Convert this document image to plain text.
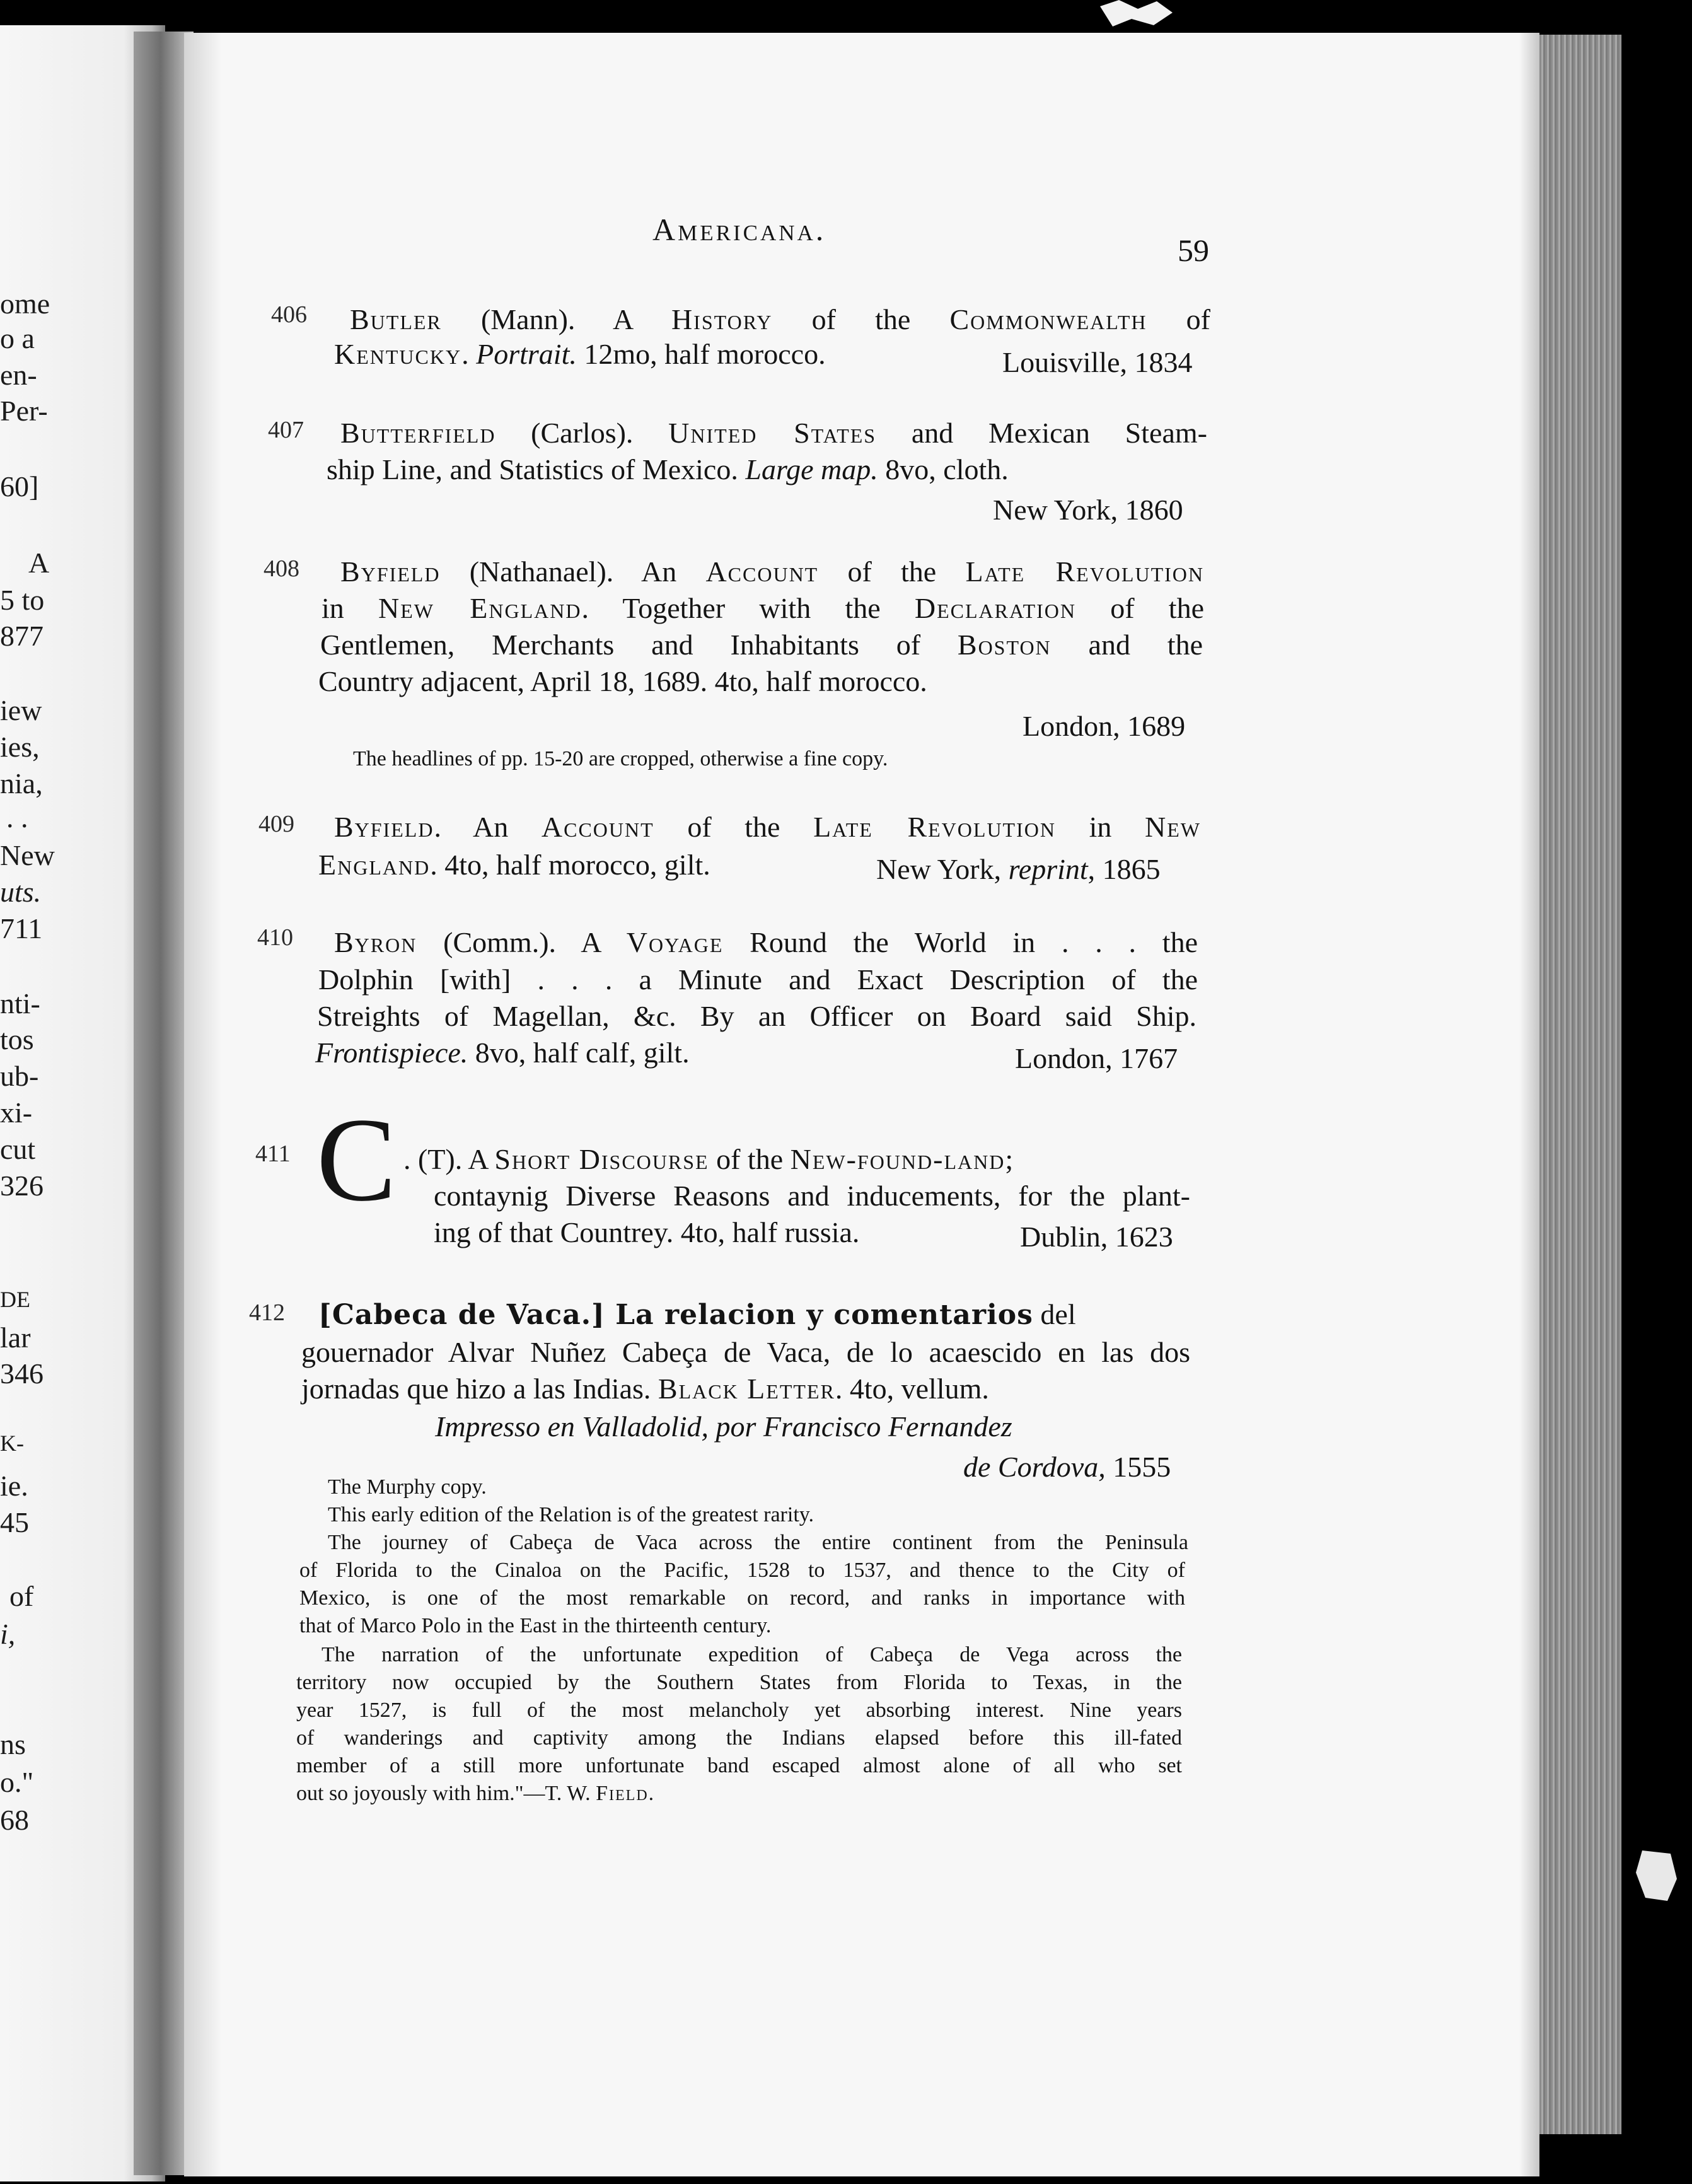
ome
o a
en-
Per-
60]
A
5 to
877
iew
ies,
nia,
. .
New
uts.
711
nti-
tos
ub-
xi-
cut
326
DE
lar
346
K-
ie.
45
of
i,
ns
o."
68
Americana.
59
406 Butler (Mann). A History of the Commonwealth of
Kentucky. Portrait. 12mo, half morocco.	Louisville, 1834
407 Butterfield (Carlos). United States and Mexican Steam-
ship Line, and Statistics of Mexico. Large map. 8vo, cloth.
New York, 1860
408 Byfield (Nathanael). An Account of the Late Revolution
in New England. Together with the Declaration of the
Gentlemen, Merchants and Inhabitants of Boston and the
Country adjacent, April 18, 1689. 4to, half morocco.
London, 1689
The headlines of pp. 15-20 are cropped, otherwise a fine copy.
409 Byfield. An Account of the Late Revolution in New
England. 4to, half morocco, gilt.	New York, reprint, 1865
410 Byron (Comm.). A Voyage Round the World in . . . the
Dolphin [with] . . . a Minute and Exact Description of the
Streights of Magellan, &c. By an Officer on Board said Ship.
Frontispiece. 8vo, half calf, gilt.	London, 1767
411 C . (T). A Short Discourse of the New-found-land;
contaynig Diverse Reasons and inducements, for the plant-
ing of that Countrey. 4to, half russia.	Dublin, 1623
412 [Cabeca de Vaca.] La relacion y comentarios del
gouernador Alvar Nuñez Cabeça de Vaca, de lo acaescido en las dos
jornadas que hizo a las Indias. Black Letter. 4to, vellum.
Impresso en Valladolid, por Francisco Fernandez
de Cordova, 1555
The Murphy copy.
This early edition of the Relation is of the greatest rarity.
The journey of Cabeça de Vaca across the entire continent from the Peninsula
of Florida to the Cinaloa on the Pacific, 1528 to 1537, and thence to the City of
Mexico, is one of the most remarkable on record, and ranks in importance with
that of Marco Polo in the East in the thirteenth century.
The narration of the unfortunate expedition of Cabeça de Vega across the
territory now occupied by the Southern States from Florida to Texas, in the
year 1527, is full of the most melancholy yet absorbing interest. Nine years
of wanderings and captivity among the Indians elapsed before this ill-fated
member of a still more unfortunate band escaped almost alone of all who set
out so joyously with him."—T. W. Field.
